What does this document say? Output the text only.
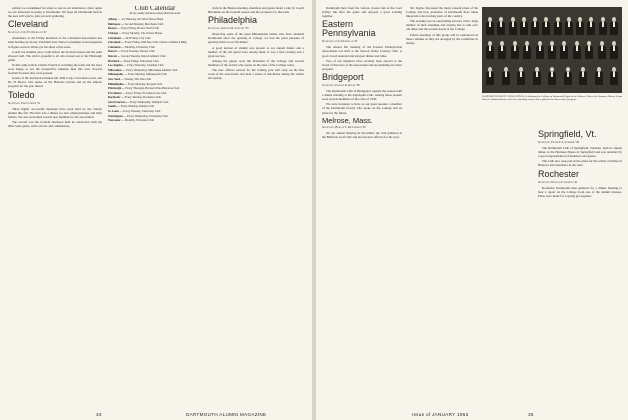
setting we condemned for plans to use in our attendance. Once again we are interested in going to Dartmouth. We hope all Dartmouth men in the area will want to join our next gathering.

Cleveland

Secretary, John W. Oderrach '47

Attendance at the Friday luncheon of the Cleveland Association has been holding up nicely. President Arte Weiss is planning an investigation to figure out how Weiss got his share of the seats.

Coach Joe Gunther gave a talk before the football season and the team showed well. The club is grateful to all who turned out at the Pittsburgh game.

In this same bunch, Charlie French is watching the team and the boys were happy to see the prospective business men this year. Several football boosters also were present.

Guests at the luncheon included Mr. Kim Cady, Cleveland coach, and Dr. H. Beard, who spoke on the Hanover picture and on the athletic program for the year ahead.

Toledo

Secretary, Fred Corner '51

Three highly successful meetings have been held by the Toledo alumni this fall. The first was a dinner for new undergraduates and their fathers. We also welcomed several new members to the association.

The second was the football luncheon held in connection with the Ohio State game, with a movie and commentary.

Club Calendar
All are weekly luncheons unless otherwise noted.
Albany — 1st Thursday, De Witt Clinton Hotel
Baltimore — Second Monday, Merchants Club
Boston — Every Friday, Boston Yacht Club
Chicago — Every Monday, The Tavern House
Cincinnati — 2nd Friday, City Club
Cleveland — Every Friday, Mid-Day Club, Union Commerce Bldg.
Columbus — Monthly, University Club
Denver — Every Tuesday, Denver Club
Detroit — Second Tuesday, Detroit Athletic Club
Hartford — Every Friday, University Club
Los Angeles — Every Thursday, Jonathan Club
Milwaukee — Every Wednesday, Milwaukee Athletic Club
Minneapolis — Every Monday, Minneapolis Club
New York — Weekly, The Yale Club
Philadelphia — Every Monday, Racquet Club
Pittsburgh — Every Thursday, Harvard-Yale-Princeton Club
Providence — Every Friday, Providence Art Club
Rochester — Every Tuesday, Rochester Club
San Francisco — Every Wednesday, Olympic Club
Seattle — Every Monday, Rainier Club
St. Louis — Every Tuesday, University Club
Washington — Every Wednesday, University Club
Worcester — Monthly, Worcester Club

clubs in the Boston meeting, members and guests heard a talk by Coach Blackman on the football season and the prospects for the team.

Philadelphia

Secretary, Arthur M. Jones Jr. '35

Observing some of the great Philadelphia names who have attended Dartmouth since the opening of college, we had the great pleasure of greeting them at our fall dinner.

A good turnout of alumni was present at our annual dinner and a number of the old guard were among them. It was a fine evening and a great success.

Among the guests were the President of the College and several members of the faculty who spoke on the state of the College today.

The new officers elected for the coming year will carry on the fine work of the association and plan a series of luncheons during the winter and spring.

34	DARTMOUTH ALUMNI MAGAZINE

Dartmouth men from the various classes met at the Lord Jeffrey Inn after the game and enjoyed a good evening together.

Eastern Pennsylvania

Secretary, John Dreisbach '32

The annual fall meeting of the Eastern Pennsylvania Association was held at the Saucon Valley Country Club. A good crowd attended and enjoyed dinner and talks.

Two of our members have recently been elected to the board of directors of the association and are planning an active program.

Bridgeport

Secretary, Elwood R. Kolbe '38

The Dartmouth Club of Bridgeport opened the season with a dinner meeting at the Algonquin Club. Among those present were several members of the class of 1950.

We were fortunate to have as our guest speaker a member of the Dartmouth faculty who spoke on the College and its plans for the future.

Melrose, Mass.

Secretary, Horace C. Richardson '20

On our annual meeting in November the club gathered at the Bellevue Golf Club and elected new officers for the year.

Mr. Snyder discussed the many present plans of the College and how graduates of Dartmouth have taken important roles in many parts of the country.

The evening was an outstanding success, with a large number of men attending and staying late to talk over old times and the present needs of the College.

Future meetings of this group will be announced in these columns as they are arranged by the committee in charge.

DARTMOUTH NIGHT AT QUANTICO: Celebrating the College on Dartmouth Night in the Officers Club of the Quantico Marine Corps Schools. Dartmouth men who were attending courses there gathered for dinner and a program.
Springfield, Vt.

Secretary, Frank E. Laferriere '29

The Dartmouth Club of Springfield, Vermont, held its annual dinner at the Hartness House in Springfield and was attended by a good representation of members and guests.

The Club also took part in the plans for the winter activities in Hanover and elsewhere in the state.

Rochester

Secretary, Donald F. Leddick '42

Rochester Dartmouth men gathered for a dinner meeting to hear a report on the College from one of the alumni trustees. Plans were made for a spring get-together.

Issue of JANUARY 1953	35
